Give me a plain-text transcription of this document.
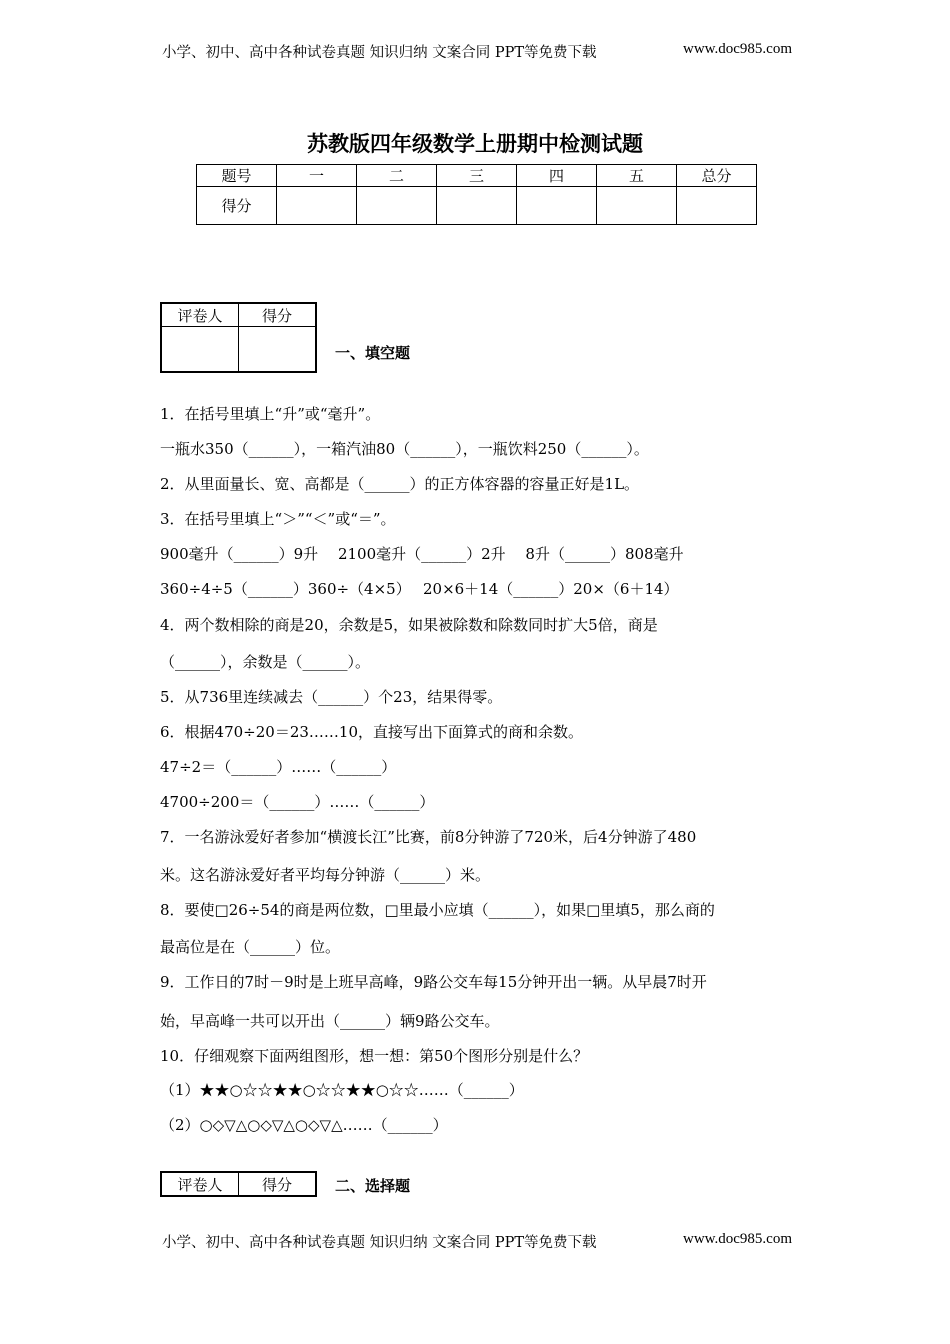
小学、初中、高中各种试卷真题 知识归纳 文案合同 PPT等免费下载	www.doc985.com
苏教版四年级数学上册期中检测试题
题号	一	二	三	四	五	总分
得分						
评卷人	得分

一、填空题
1．在括号里填上“升”或“毫升”。
一瓶水350（______），一箱汽油80（______），一瓶饮料250（______）。
2．从里面量长、宽、高都是（______）的正方体容器的容量正好是1L。
3．在括号里填上“＞”“＜”或“＝”。
900毫升（______）9升　 2100毫升（______）2升　 8升（______）808毫升
360÷4÷5（______）360÷（4×5）　 20×6＋14（______）20×（6＋14）
4．两个数相除的商是20，余数是5，如果被除数和除数同时扩大5倍，商是
（______），余数是（______）。
5．从736里连续减去（______）个23，结果得零。
6．根据470÷20＝23……10，直接写出下面算式的商和余数。
47÷2＝（______）……（______）
4700÷200＝（______）……（______）
7．一名游泳爱好者参加“横渡长江”比赛，前8分钟游了720米，后4分钟游了480
米。这名游泳爱好者平均每分钟游（______）米。
8．要使□26÷54的商是两位数，□里最小应填（______），如果□里填5，那么商的
最高位是在（______）位。
9．工作日的7时－9时是上班早高峰，9路公交车每15分钟开出一辆。从早晨7时开
始，早高峰一共可以开出（______）辆9路公交车。
10．仔细观察下面两组图形，想一想：第50个图形分别是什么？
（1）★★○☆☆★★○☆☆★★○☆☆……（______）
（2）○◇▽△○◇▽△○◇▽△……（______）
评卷人	得分	二、选择题
小学、初中、高中各种试卷真题 知识归纳 文案合同 PPT等免费下载	www.doc985.com
